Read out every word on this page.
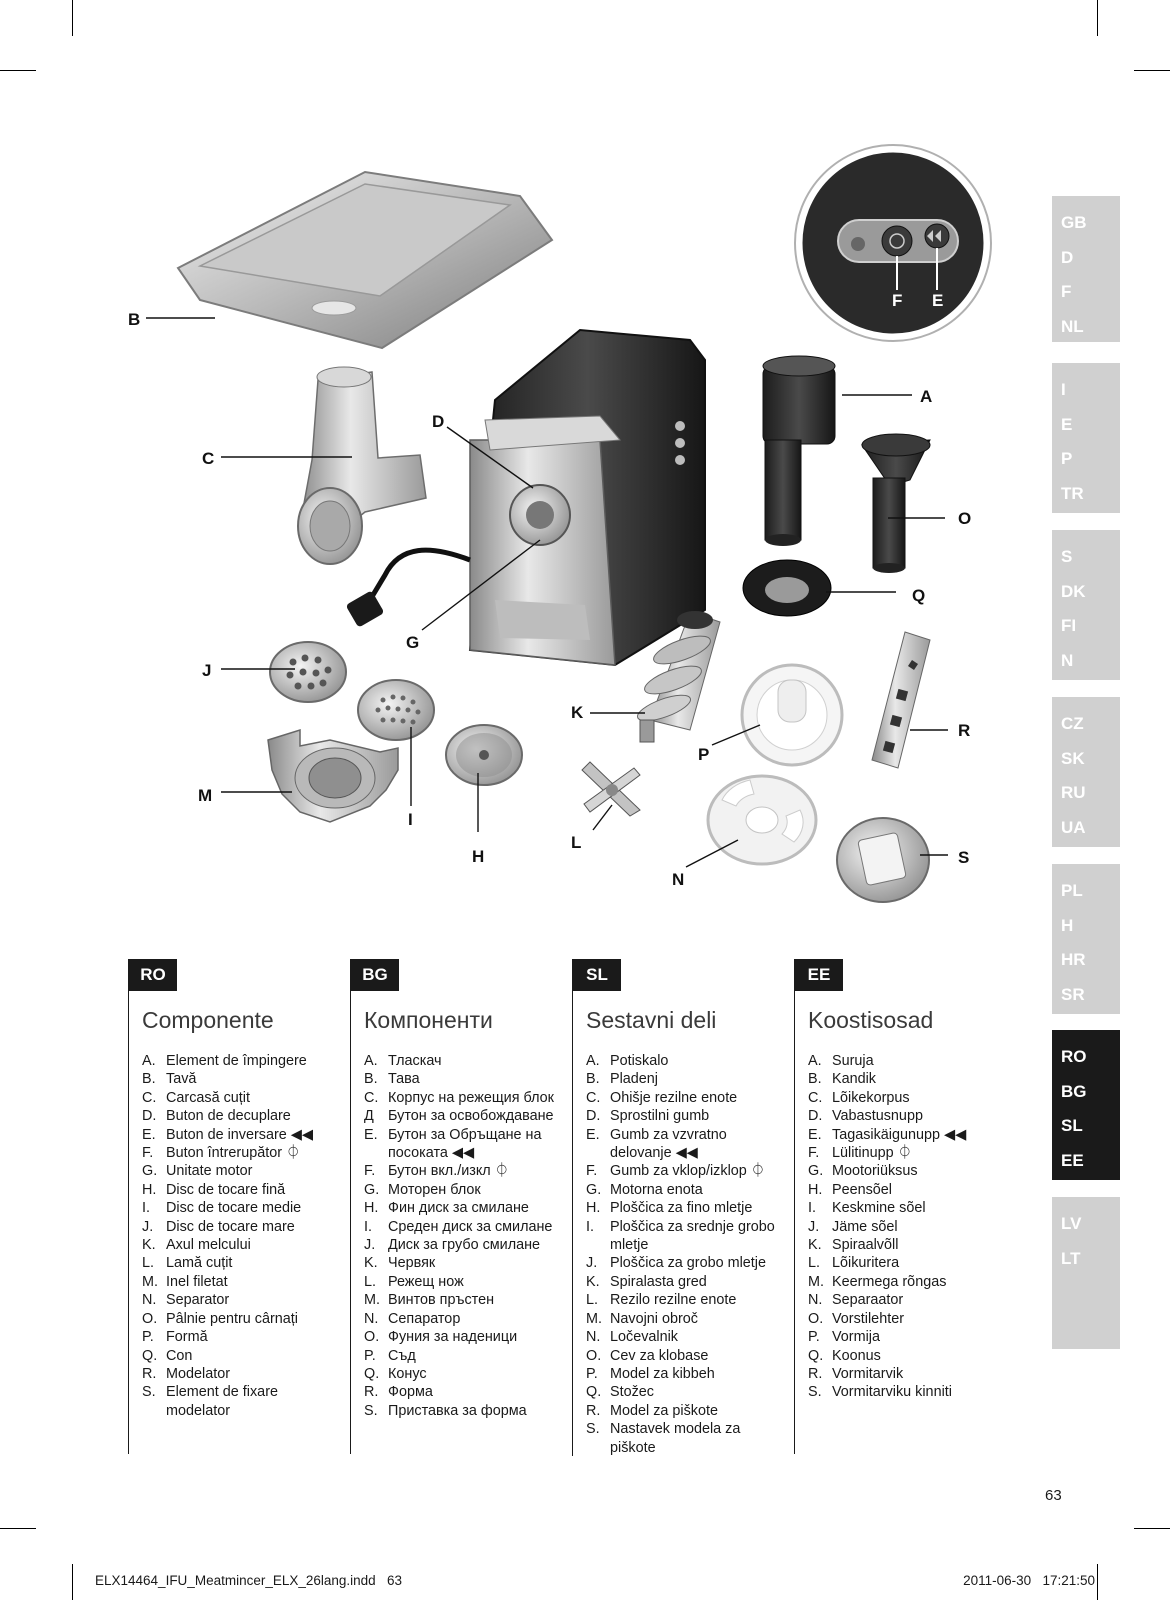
A
B
C
D
E
F
G
H
I
J
K
L
M
N
O
P
Q
R
S
GB
D
F
NL
I
E
P
TR
S
DK
FI
N
CZ
SK
RU
UA
PL
H
HR
SR
RO
BG
SL
EE
LV
LT
RO
Componente
A. Element de împingere
B. Tavă
C. Carcasă cuțit
D. Buton de decuplare
E. Buton de inversare ◀◀
F. Buton întrerupător ⏀
G. Unitate motor
H. Disc de tocare fină
I.	Disc de tocare medie
J. Disc de tocare mare
K. Axul melcului
L. Lamă cuțit
M. Inel filetat
N. Separator
O. Pâlnie pentru cârnați
P. Formă
Q. Con
R. Modelator
S. Element de fixare
modelator
BG
Компоненти
A. Тласкач
B. Тава
C. Корпус на режещия блок
Д Бутон за освобождаване
E. Бутон за Обръщане на
посоката ◀◀
F. Бутон вкл./изкл ⏀
G. Моторен блок
H. Фин диск за смилане
I.	Среден диск за смилане
J. Диск за грубо смилане
K. Червяк
L. Режещ нож
M. Винтов пръстен
N. Сепаратор
O. Фуния за наденици
P. Съд
Q. Конус
R. Форма
S. Приставка за форма
SL
Sestavni deli
A. Potiskalo
B. Pladenj
C. Ohišje rezilne enote
D. Sprostilni gumb
E. Gumb za vzvratno
delovanje ◀◀
F. Gumb za vklop/izklop ⏀
G. Motorna enota
H. Ploščica za fino mletje
I.	Ploščica za srednje grobo
mletje
J. Ploščica za grobo mletje
K. Spiralasta gred
L. Rezilo rezilne enote
M. Navojni obroč
N. Ločevalnik
O. Cev za klobase
P. Model za kibbeh
Q. Stožec
R. Model za piškote
S. Nastavek modela za
piškote
EE
Koostisosad
A. Suruja
B. Kandik
C. Lõikekorpus
D. Vabastusnupp
E. Tagasikäigunupp ◀◀
F. Lülitinupp ⏀
G. Mootoriüksus
H. Peensõel
I.	Keskmine sõel
J. Jäme sõel
K. Spiraalvõll
L. Lõikuritera
M. Keermega rõngas
N. Separaator
O. Vorstilehter
P. Vormija
Q. Koonus
R. Vormitarvik
S. Vormitarviku kinniti
63
ELX14464_IFU_Meatmincer_ELX_26lang.indd   63	2011-06-30   17:21:50
